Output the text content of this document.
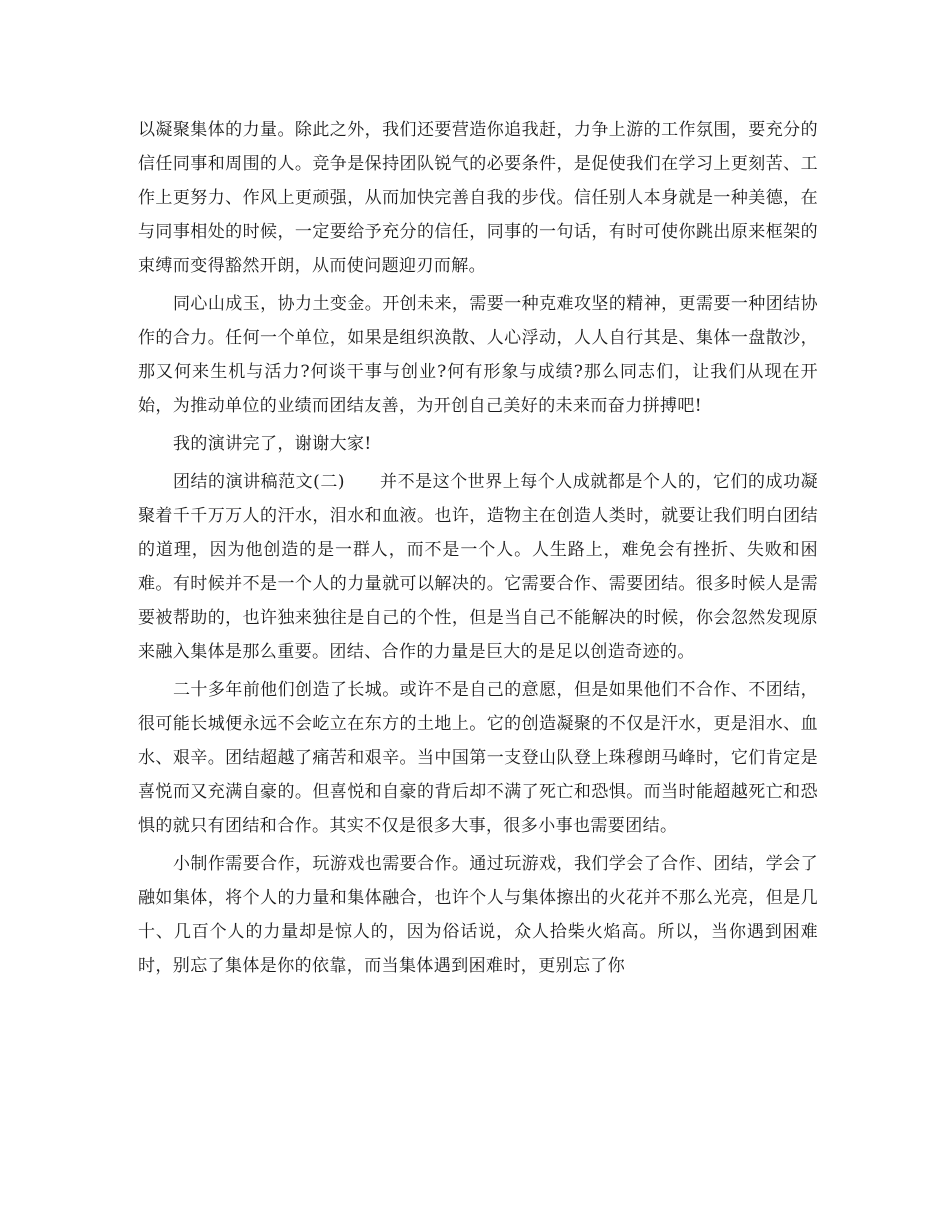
以凝聚集体的力量。除此之外，我们还要营造你追我赶，力争上游的工作氛围，要充分的信任同事和周围的人。竞争是保持团队锐气的必要条件，是促使我们在学习上更刻苦、工作上更努力、作风上更顽强，从而加快完善自我的步伐。信任别人本身就是一种美德，在与同事相处的时候，一定要给予充分的信任，同事的一句话，有时可使你跳出原来框架的束缚而变得豁然开朗，从而使问题迎刃而解。

同心山成玉，协力土变金。开创未来，需要一种克难攻坚的精神，更需要一种团结协作的合力。任何一个单位，如果是组织涣散、人心浮动，人人自行其是、集体一盘散沙，那又何来生机与活力?何谈干事与创业?何有形象与成绩?那么同志们，让我们从现在开始，为推动单位的业绩而团结友善，为开创自己美好的未来而奋力拼搏吧!

我的演讲完了，谢谢大家!

团结的演讲稿范文(二)　　并不是这个世界上每个人成就都是个人的，它们的成功凝聚着千千万万人的汗水，泪水和血液。也许，造物主在创造人类时，就要让我们明白团结的道理，因为他创造的是一群人，而不是一个人。人生路上，难免会有挫折、失败和困难。有时候并不是一个人的力量就可以解决的。它需要合作、需要团结。很多时候人是需要被帮助的，也许独来独往是自己的个性，但是当自己不能解决的时候，你会忽然发现原来融入集体是那么重要。团结、合作的力量是巨大的是足以创造奇迹的。

二十多年前他们创造了长城。或许不是自己的意愿，但是如果他们不合作、不团结，很可能长城便永远不会屹立在东方的土地上。它的创造凝聚的不仅是汗水，更是泪水、血水、艰辛。团结超越了痛苦和艰辛。当中国第一支登山队登上珠穆朗马峰时，它们肯定是喜悦而又充满自豪的。但喜悦和自豪的背后却不满了死亡和恐惧。而当时能超越死亡和恐惧的就只有团结和合作。其实不仅是很多大事，很多小事也需要团结。

小制作需要合作，玩游戏也需要合作。通过玩游戏，我们学会了合作、团结，学会了融如集体，将个人的力量和集体融合，也许个人与集体擦出的火花并不那么光亮，但是几十、几百个人的力量却是惊人的，因为俗话说，众人拾柴火焰高。所以，当你遇到困难时，别忘了集体是你的依靠，而当集体遇到困难时，更别忘了你
